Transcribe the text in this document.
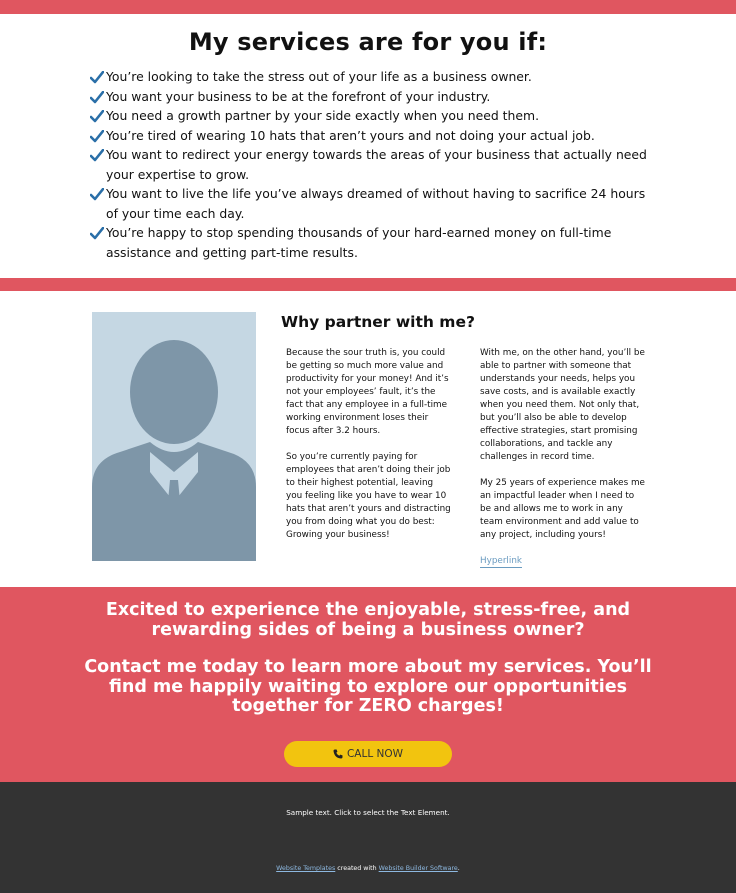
My services are for you if:
You’re looking to take the stress out of your life as a business owner.
You want your business to be at the forefront of your industry.
You need a growth partner by your side exactly when you need them.
You’re tired of wearing 10 hats that aren’t yours and not doing your actual job.
You want to redirect your energy towards the areas of your business that actually need your expertise to grow.
You want to live the life you’ve always dreamed of without having to sacrifice 24 hours of your time each day.
You’re happy to stop spending thousands of your hard-earned money on full-time assistance and getting part-time results.
Why partner with me?

Because the sour truth is, you could be getting so much more value and productivity for your money! And it’s not your employees’ fault, it’s the fact that any employee in a full-time working environment loses their focus after 3.2 hours.

So you’re currently paying for employees that aren’t doing their job to their highest potential, leaving you feeling like you have to wear 10 hats that aren’t yours and distracting you from doing what you do best: Growing your business!

With me, on the other hand, you’ll be able to partner with someone that understands your needs, helps you save costs, and is available exactly when you need them. Not only that, but you’ll also be able to develop effective strategies, start promising collaborations, and tackle any challenges in record time.

My 25 years of experience makes me an impactful leader when I need to be and allows me to work in any team environment and add value to any project, including yours!

Hyperlink

Excited to experience the enjoyable, stress-free, and rewarding sides of being a business owner?

Contact me today to learn more about my services. You’ll find me happily waiting to explore our opportunities together for ZERO charges!

CALL NOW
Sample text. Click to select the Text Element.
Website Templates created with Website Builder Software.
